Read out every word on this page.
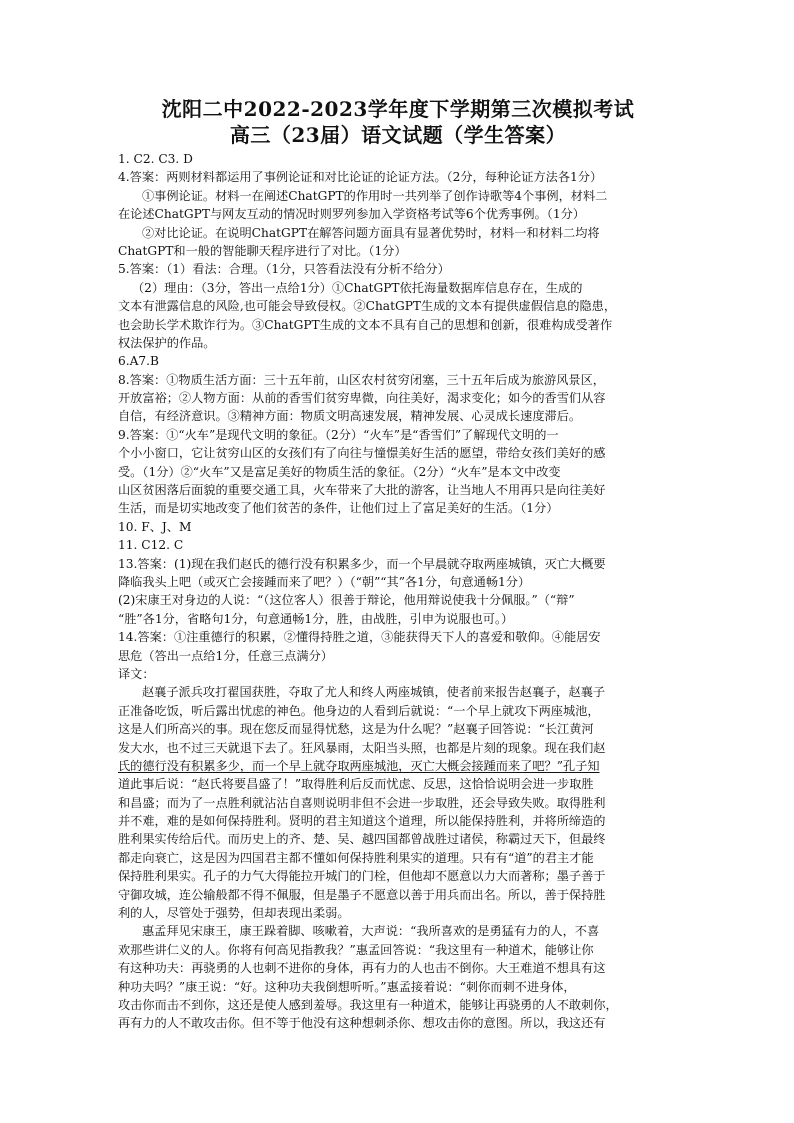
沈阳二中2022-2023学年度下学期第三次模拟考试
高三（23届）语文试题（学生答案）
1. C2. C3. D
4.答案：两则材料都运用了事例论证和对比论证的论证方法。（2分，每种论证方法各1分）
①事例论证。材料一在阐述ChatGPT的作用时一共列举了创作诗歌等4个事例，材料二
在论述ChatGPT与网友互动的情况时则罗列参加入学资格考试等6个优秀事例。（1分）
②对比论证。在说明ChatGPT在解答问题方面具有显著优势时，材料一和材料二均将
ChatGPT和一般的智能聊天程序进行了对比。（1分）
5.答案：（1）看法：合理。（1分，只答看法没有分析不给分）
（2）理由：（3分，答出一点给1分）①ChatGPT依托海量数据库信息存在，生成的
文本有泄露信息的风险,也可能会导致侵权。②ChatGPT生成的文本有提供虚假信息的隐患，
也会助长学术欺诈行为。③ChatGPT生成的文本不具有自己的思想和创新，很难构成受著作
权法保护的作品。
6.A7.B
8.答案：①物质生活方面：三十五年前，山区农村贫穷闭塞，三十五年后成为旅游风景区，
开放富裕；②人物方面：从前的香雪们贫穷卑微，向往美好，渴求变化；如今的香雪们从容
自信，有经济意识。③精神方面：物质文明高速发展，精神发展、心灵成长速度滞后。
9.答案：①“火车”是现代文明的象征。（2分）“火车”是“香雪们”了解现代文明的一
个小小窗口，它让贫穷山区的女孩们有了向往与憧憬美好生活的愿望，带给女孩们美好的感
受。（1分）②“火车”又是富足美好的物质生活的象征。（2分）“火车”是本文中改变
山区贫困落后面貌的重要交通工具，火车带来了大批的游客，让当地人不用再只是向往美好
生活，而是切实地改变了他们贫苦的条件，让他们过上了富足美好的生活。（1分）
10. F、J、M
11. C12. C
13.答案：(1)现在我们赵氏的德行没有积累多少，而一个早晨就夺取两座城镇，灭亡大概要
降临我头上吧（或灭亡会接踵而来了吧？）（“朝”“其”各1分，句意通畅1分）
(2)宋康王对身边的人说：“（这位客人）很善于辩论，他用辩说使我十分佩服。”（“辩”
“胜”各1分，省略句1分，句意通畅1分，胜，由战胜，引申为说服也可。）
14.答案：①注重德行的积累，②懂得持胜之道，③能获得天下人的喜爱和敬仰。④能居安
思危（答出一点给1分，任意三点满分）
译文：
赵襄子派兵攻打翟国获胜，夺取了尤人和终人两座城镇，使者前来报告赵襄子，赵襄子
正准备吃饭，听后露出忧虑的神色。他身边的人看到后就说：“一个早上就攻下两座城池，
这是人们所高兴的事。现在您反而显得忧愁，这是为什么呢？”赵襄子回答说：“长江黄河
发大水，也不过三天就退下去了。狂风暴雨，太阳当头照，也都是片刻的现象。现在我们赵
氏的德行没有积累多少，而一个早上就夺取两座城池，灭亡大概会接踵而来了吧？”孔子知
道此事后说：“赵氏将要昌盛了！”取得胜利后反而忧虑、反思，这恰恰说明会进一步取胜
和昌盛；而为了一点胜利就沾沾自喜则说明非但不会进一步取胜，还会导致失败。取得胜利
并不难，难的是如何保持胜利。贤明的君主知道这个道理，所以能保持胜利，并将所缔造的
胜利果实传给后代。而历史上的齐、楚、吴、越四国都曾战胜过诸侯，称霸过天下，但最终
都走向衰亡，这是因为四国君主都不懂如何保持胜利果实的道理。只有有“道”的君主才能
保持胜利果实。孔子的力气大得能拉开城门的门栓，但他却不愿意以力大而著称；墨子善于
守御攻城，连公输般都不得不佩服，但是墨子不愿意以善于用兵而出名。所以，善于保持胜
利的人，尽管处于强势，但却表现出柔弱。
惠孟拜见宋康王，康王跺着脚、咳嗽着，大声说：“我所喜欢的是勇猛有力的人，不喜
欢那些讲仁义的人。你将有何高见指教我？”惠孟回答说：“我这里有一种道术，能够让你
有这种功夫：再骁勇的人也刺不进你的身体，再有力的人也击不倒你。大王难道不想具有这
种功夫吗？”康王说：“好。这种功夫我倒想听听。”惠孟接着说：“刺你而刺不进身体，
攻击你而击不到你，这还是使人感到羞辱。我这里有一种道术，能够让再骁勇的人不敢刺你，
再有力的人不敢攻击你。但不等于他没有这种想刺杀你、想攻击你的意图。所以，我这还有
